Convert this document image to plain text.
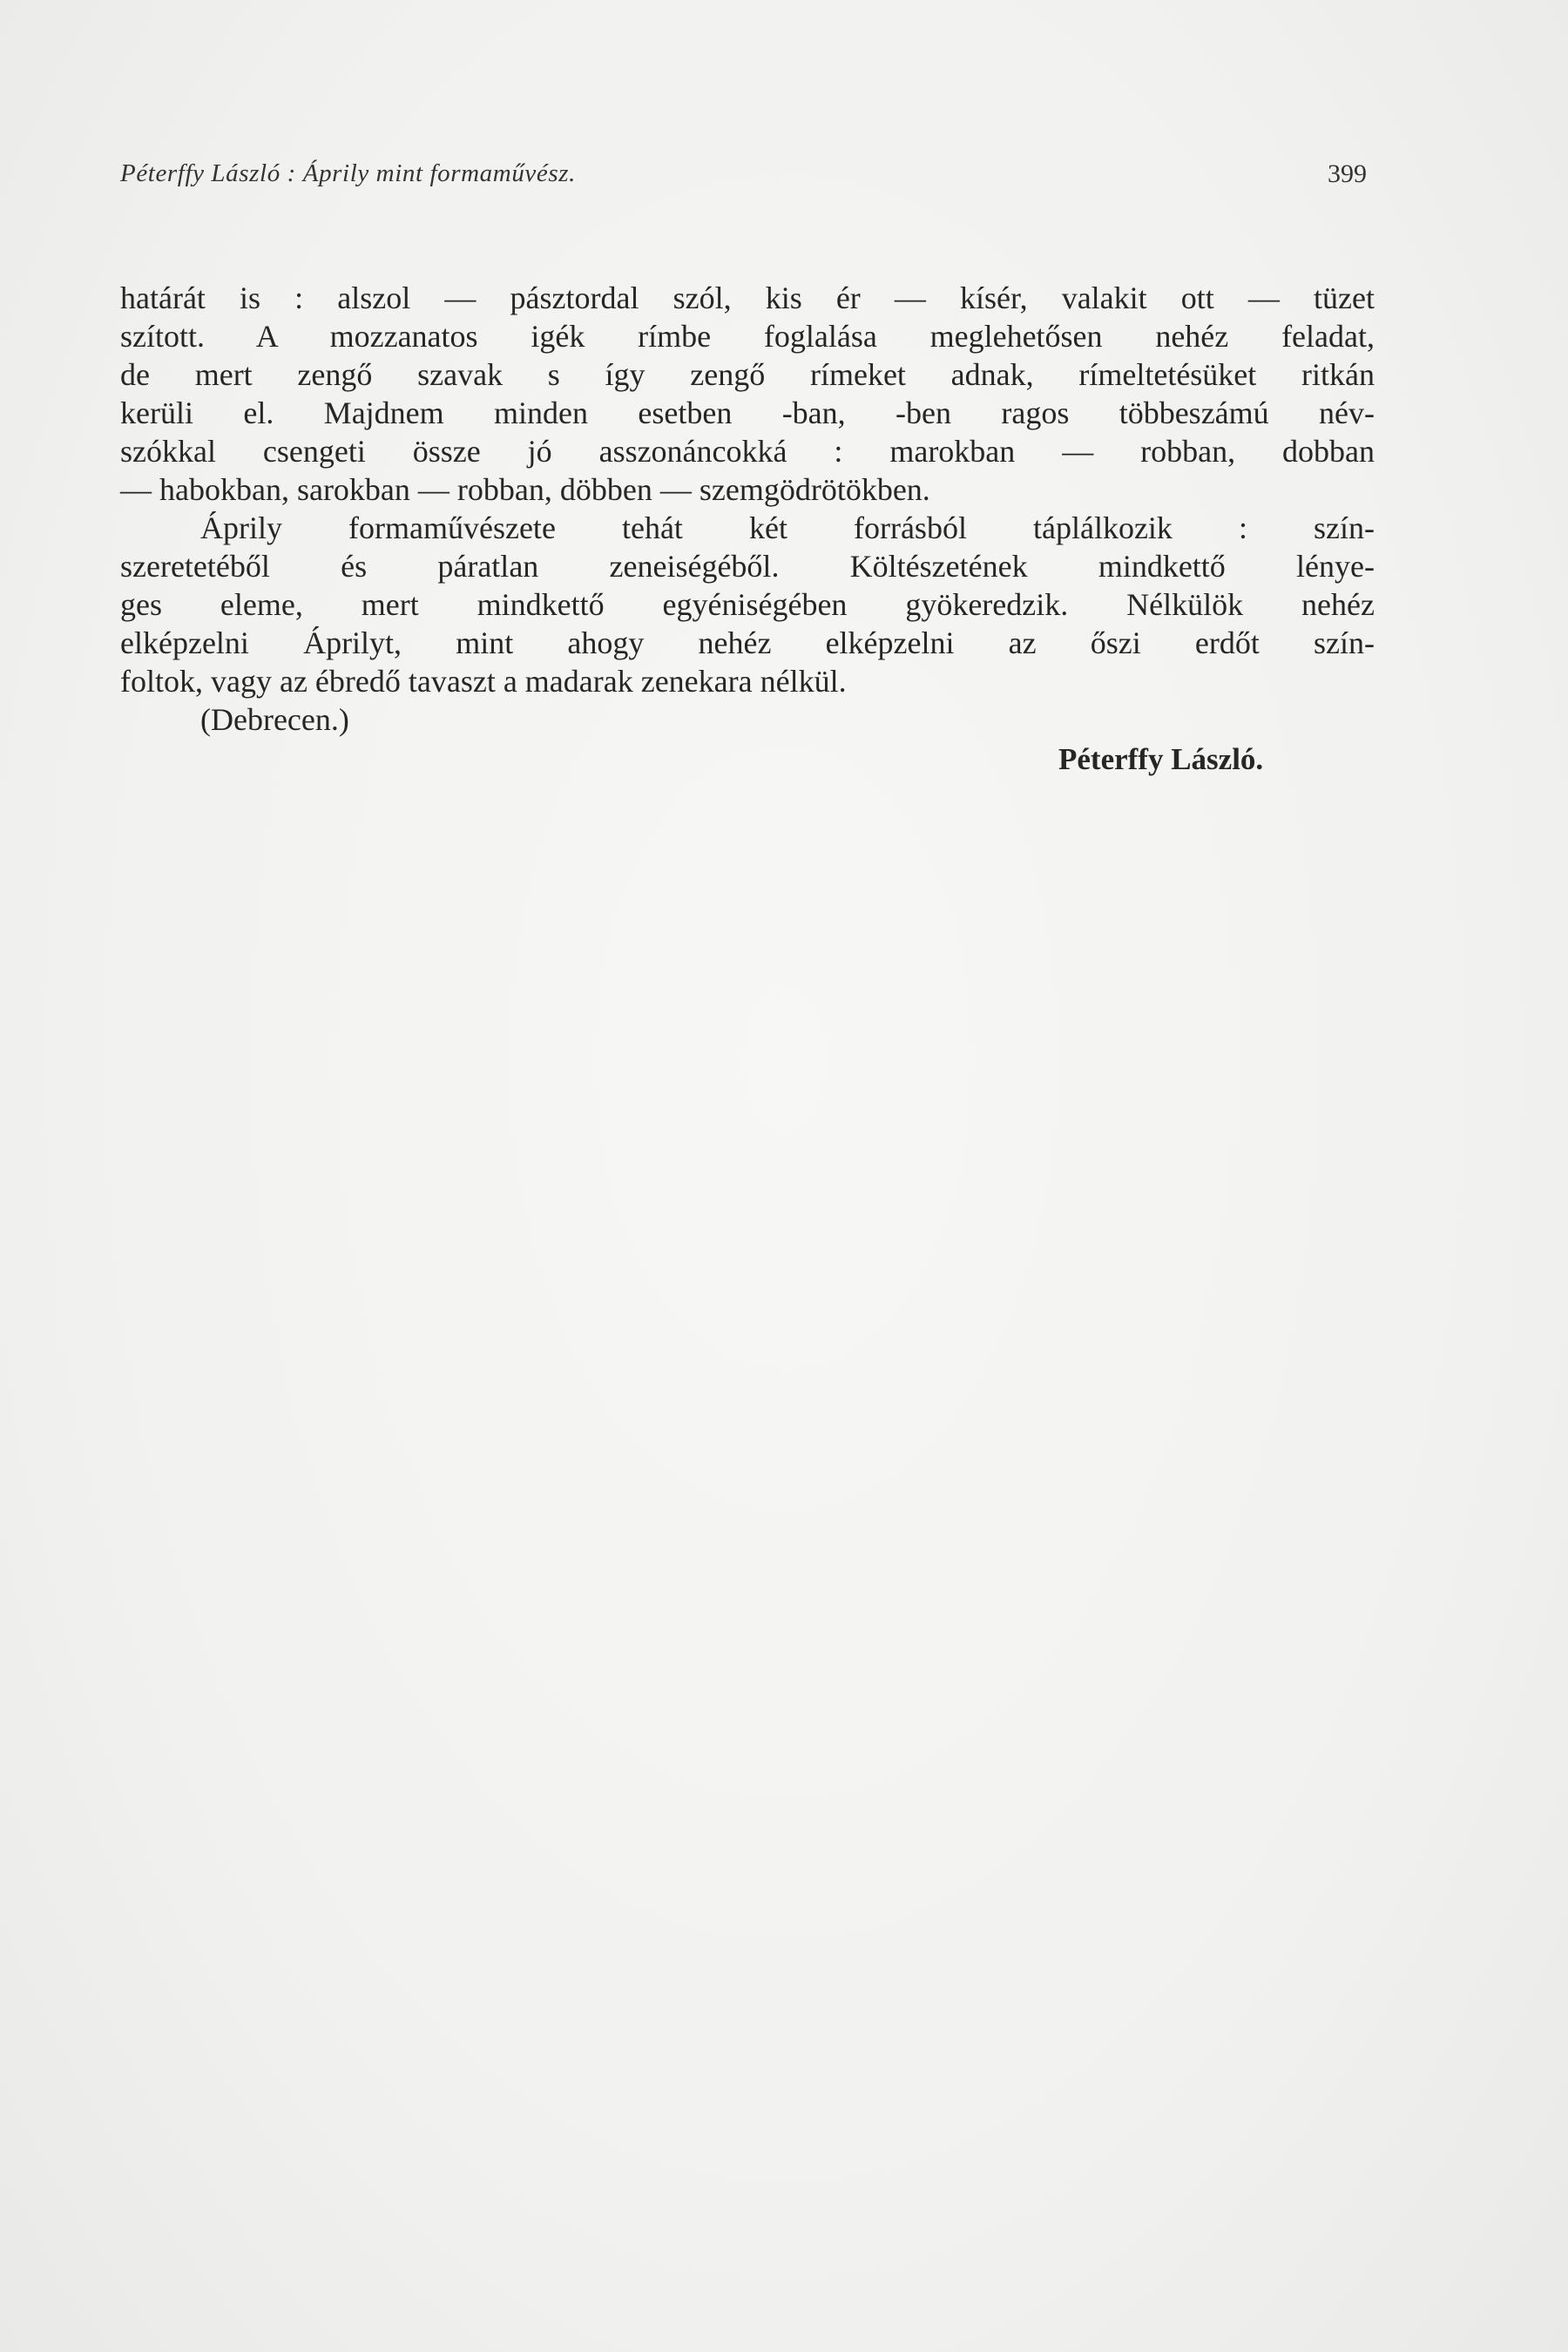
Péterffy László : Áprily mint formaművész.	399
határát is : alszol — pásztordal szól, kis ér — kísér, valakit ott — tüzet
szított. A mozzanatos igék rímbe foglalása meglehetősen nehéz feladat,
de mert zengő szavak s így zengő rímeket adnak, rímeltetésüket ritkán
kerüli el. Majdnem minden esetben -ban, -ben ragos többeszámú név-
szókkal csengeti össze jó asszonáncokká : marokban — robban, dobban
— habokban, sarokban — robban, döbben — szemgödrötökben.
Áprily formaművészete tehát két forrásból táplálkozik : szín-
szeretetéből és páratlan zeneiségéből. Költészetének mindkettő lénye-
ges eleme, mert mindkettő egyéniségében gyökeredzik. Nélkülök nehéz
elképzelni Áprilyt, mint ahogy nehéz elképzelni az őszi erdőt szín-
foltok, vagy az ébredő tavaszt a madarak zenekara nélkül.
(Debrecen.)
Péterffy László.
